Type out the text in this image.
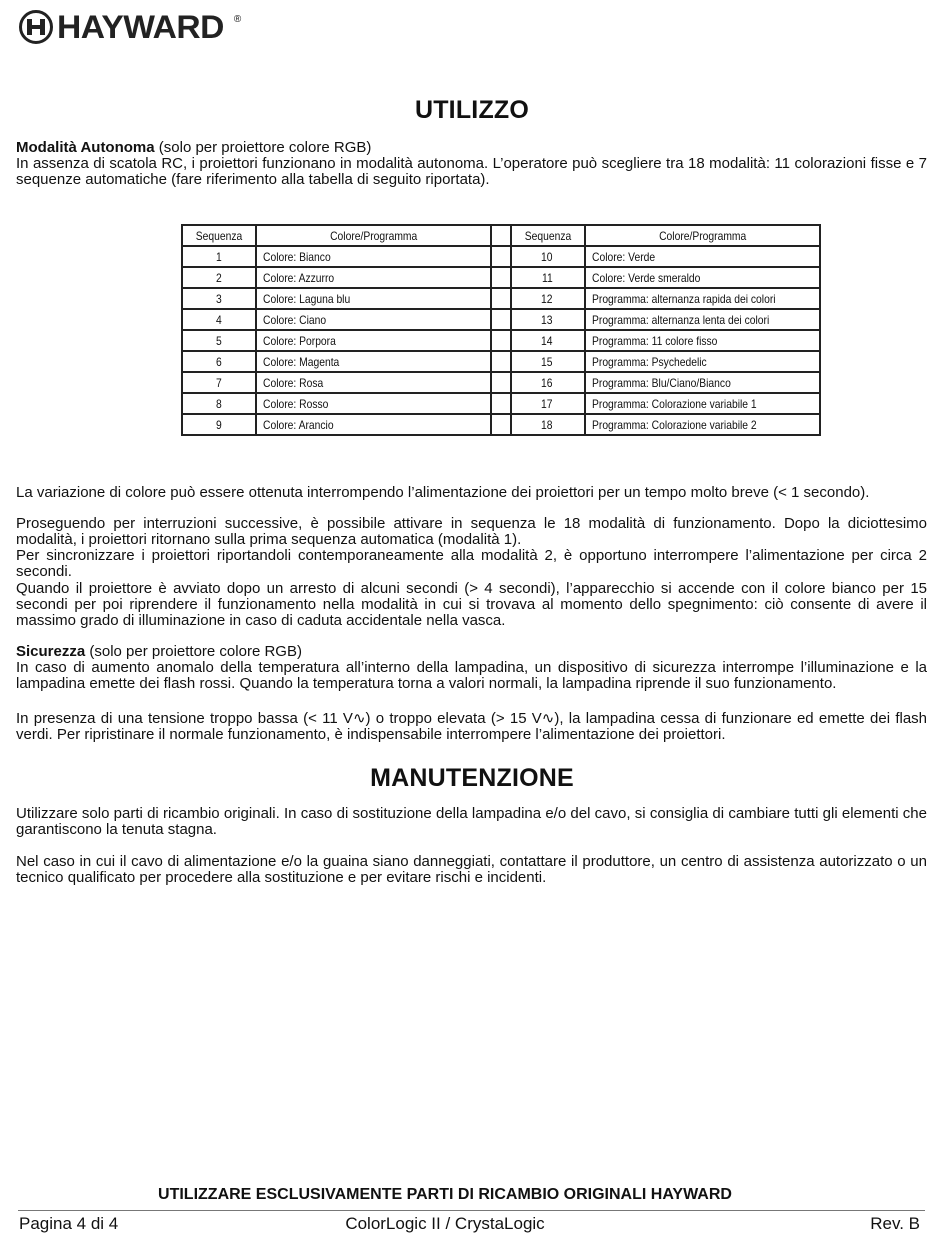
HAYWARD ®
UTILIZZO

Modalità Autonoma (solo per proiettore colore RGB)
In assenza di scatola RC, i proiettori funzionano in modalità autonoma. L’operatore può scegliere tra 18 modalità: 11 colorazioni fisse e 7 sequenze automatiche (fare riferimento alla tabella di seguito riportata).

Sequenza	Colore/Programma		Sequenza	Colore/Programma
1	Colore: Bianco		10	Colore: Verde
2	Colore: Azzurro		11	Colore: Verde smeraldo
3	Colore: Laguna blu		12	Programma: alternanza rapida dei colori
4	Colore: Ciano		13	Programma: alternanza lenta dei colori
5	Colore: Porpora		14	Programma: 11 colore fisso
6	Colore: Magenta		15	Programma: Psychedelic
7	Colore: Rosa		16	Programma: Blu/Ciano/Bianco
8	Colore: Rosso		17	Programma: Colorazione variabile 1
9	Colore: Arancio		18	Programma: Colorazione variabile 2

La variazione di colore può essere ottenuta interrompendo l’alimentazione dei proiettori per un tempo molto breve (< 1 secondo).

Proseguendo per interruzioni successive, è possibile attivare in sequenza le 18 modalità di funzionamento. Dopo la diciottesimo modalità, i proiettori ritornano sulla prima sequenza automatica (modalità 1).

Per sincronizzare i proiettori riportandoli contemporaneamente alla modalità 2, è opportuno interrompere l’alimentazione per circa 2 secondi.

Quando il proiettore è avviato dopo un arresto di alcuni secondi (> 4 secondi), l’apparecchio si accende con il colore bianco per 15 secondi per poi riprendere il funzionamento nella modalità in cui si trovava al momento dello spegnimento: ciò consente di avere il massimo grado di illuminazione in caso di caduta accidentale nella vasca.

Sicurezza (solo per proiettore colore RGB)
In caso di aumento anomalo della temperatura all’interno della lampadina, un dispositivo di sicurezza interrompe l’illuminazione e la lampadina emette dei flash rossi. Quando la temperatura torna a valori normali, la lampadina riprende il suo funzionamento.

In presenza di una tensione troppo bassa (< 11 V∿) o troppo elevata (> 15 V∿), la lampadina cessa di funzionare ed emette dei flash verdi. Per ripristinare il normale funzionamento, è indispensabile interrompere l’alimentazione dei proiettori.

MANUTENZIONE

Utilizzare solo parti di ricambio originali. In caso di sostituzione della lampadina e/o del cavo, si consiglia di cambiare tutti gli elementi che garantiscono la tenuta stagna.

Nel caso in cui il cavo di alimentazione e/o la guaina siano danneggiati, contattare il produttore, un centro di assistenza autorizzato o un tecnico qualificato per procedere alla sostituzione e per evitare rischi e incidenti.

UTILIZZARE ESCLUSIVAMENTE PARTI DI RICAMBIO ORIGINALI HAYWARD
Pagina 4 di 4	ColorLogic II / CrystaLogic	Rev. B
